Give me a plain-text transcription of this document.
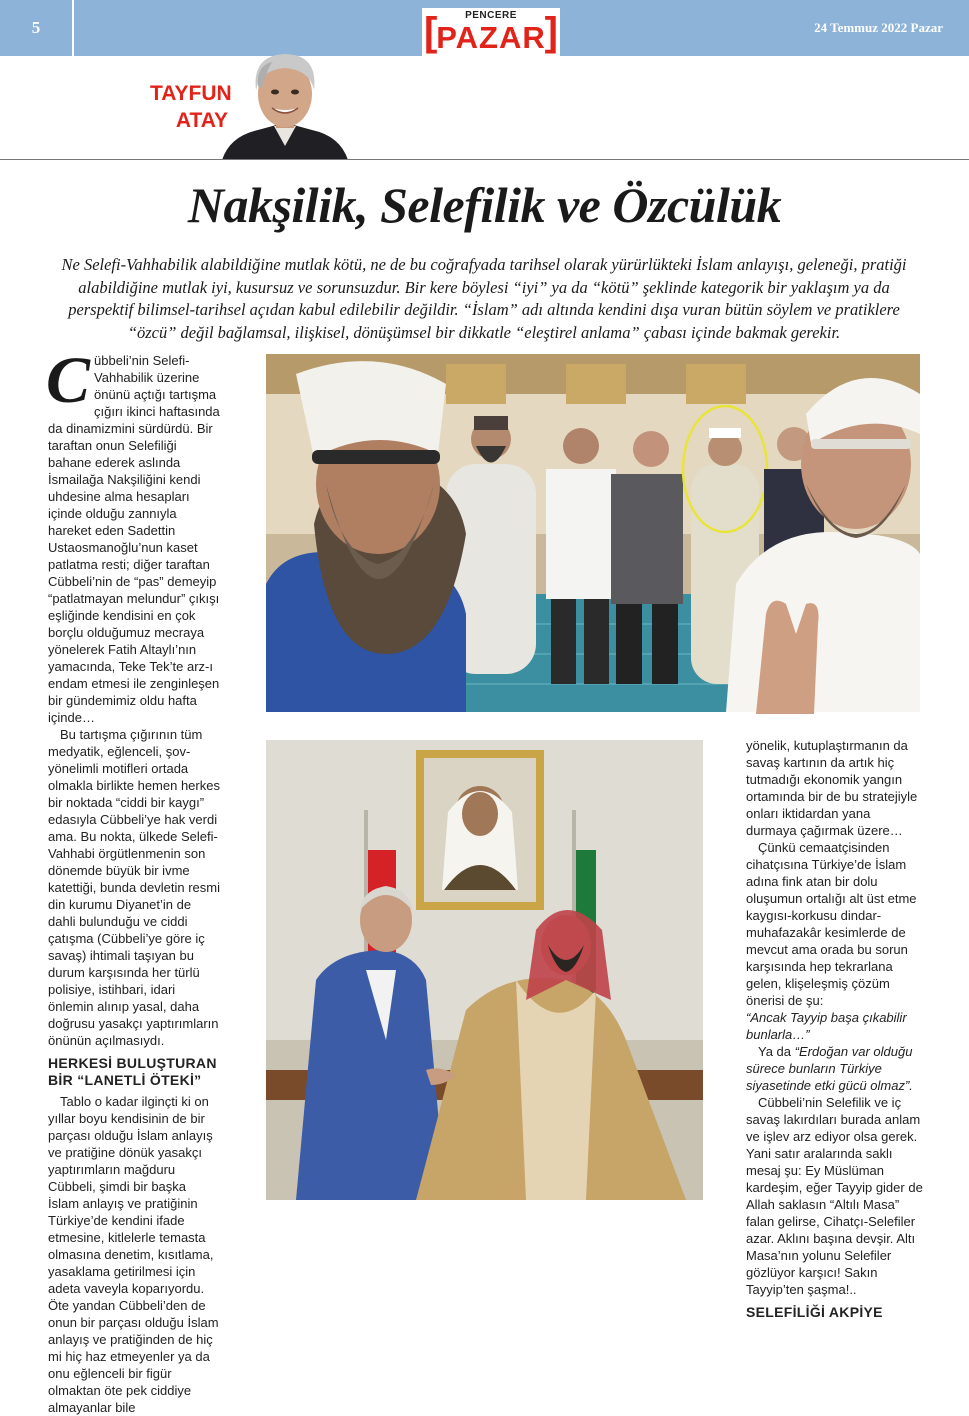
5	24 Temmuz 2022 Pazar
[	]
PENCERE
PAZAR
TAYFUN
ATAY
Nakşilik, Selefilik ve Özcülük
Ne Selefi-Vahhabilik alabildiğine mutlak kötü, ne de bu coğrafyada tarihsel olarak yürürlükteki İslam anlayışı, geleneği, pratiği alabildiğine mutlak iyi, kusursuz ve sorunsuzdur. Bir kere böylesi “iyi” ya da “kötü” şeklinde kategorik bir yaklaşım ya da perspektif bilimsel-tarihsel açıdan kabul edilebilir değildir. “İslam” adı altında kendini dışa vuran bütün söylem ve pratiklere “özcü” değil bağlamsal, ilişkisel, dönüşümsel bir dikkatle “eleştirel anlama” çabası içinde bakmak gerekir.

Cübbeli’nin Selefi-Vahhabilik üzerine önünü açtığı tartışma çığırı ikinci haftasında da dinamizmini sürdürdü. Bir taraftan onun Selefiliği bahane ederek aslında İsmailağa Nakşiliğini kendi uhdesine alma hesapları içinde olduğu zannıyla hareket eden Sadettin Ustaosmanoğlu’nun kaset patlatma resti; diğer taraftan Cübbeli’nin de “pas” demeyip “patlatmayan melundur” çıkışı eşliğinde kendisini en çok borçlu olduğumuz mecraya yönelerek Fatih Altaylı’nın yamacında, Teke Tek’te arz-ı endam etmesi ile zenginleşen bir gündemimiz oldu hafta içinde…

Bu tartışma çığırının tüm medyatik, eğlenceli, şov-yönelimli motifleri ortada olmakla birlikte hemen herkes bir noktada “ciddi bir kaygı” edasıyla Cübbeli’ye hak verdi ama. Bu nokta, ülkede Selefi-Vahhabi örgütlenmenin son dönemde büyük bir ivme katettiği, bunda devletin resmi din kurumu Diyanet’in de dahli bulunduğu ve ciddi çatışma (Cübbeli’ye göre iç savaş) ihtimali taşıyan bu durum karşısında her türlü polisiye, istihbari, idari önlemin alınıp yasal, daha doğrusu yasakçı yaptırımların önünün açılmasıydı.

HERKESİ BULUŞTURAN BİR “LANETLİ ÖTEKİ”

Tablo o kadar ilginçti ki on yıllar boyu kendisinin de bir parçası olduğu İslam anlayış ve pratiğine dönük yasakçı yaptırımların mağduru Cübbeli, şimdi bir başka İslam anlayış ve pratiğinin Türkiye’de kendini ifade etmesine, kitlelerle temasta olmasına denetim, kısıtlama, yasaklama getirilmesi için adeta vaveyla koparıyordu. Öte yandan Cübbeli’den de onun bir parçası olduğu İslam anlayış ve pratiğinden de hiç mi hiç haz etmeyenler ya da onu eğlenceli bir figür olmaktan öte pek ciddiye almayanlar bile

yönelik, kutuplaştırmanın da savaş kartının da artık hiç tutmadığı ekonomik yangın ortamında bir de bu stratejiyle onları iktidardan yana durmaya çağırmak üzere…

Çünkü cemaatçisinden cihatçısına Türkiye’de İslam adına fink atan bir dolu oluşumun ortalığı alt üst etme kaygısı-korkusu dindar-muhafazakâr kesimlerde de mevcut ama orada bu sorun karşısında hep tekrarlana gelen, klişeleşmiş çözüm önerisi de şu:

“Ancak Tayyip başa çıkabilir bunlarla…”

Ya da “Erdoğan var olduğu sürece bunların Türkiye siyasetinde etki gücü olmaz”.

Cübbeli’nin Selefilik ve iç savaş lakırdıları burada anlam ve işlev arz ediyor olsa gerek. Yani satır aralarında saklı mesaj şu: Ey Müslüman kardeşim, eğer Tayyip gider de Allah saklasın “Altılı Masa” falan gelirse, Cihatçı-Selefiler azar. Aklını başına devşir. Altı Masa’nın yolunu Selefiler gözlüyor karşıcı! Sakın Tayyip’ten şaşma!..

SELEFİLİĞİ AKPİYE
